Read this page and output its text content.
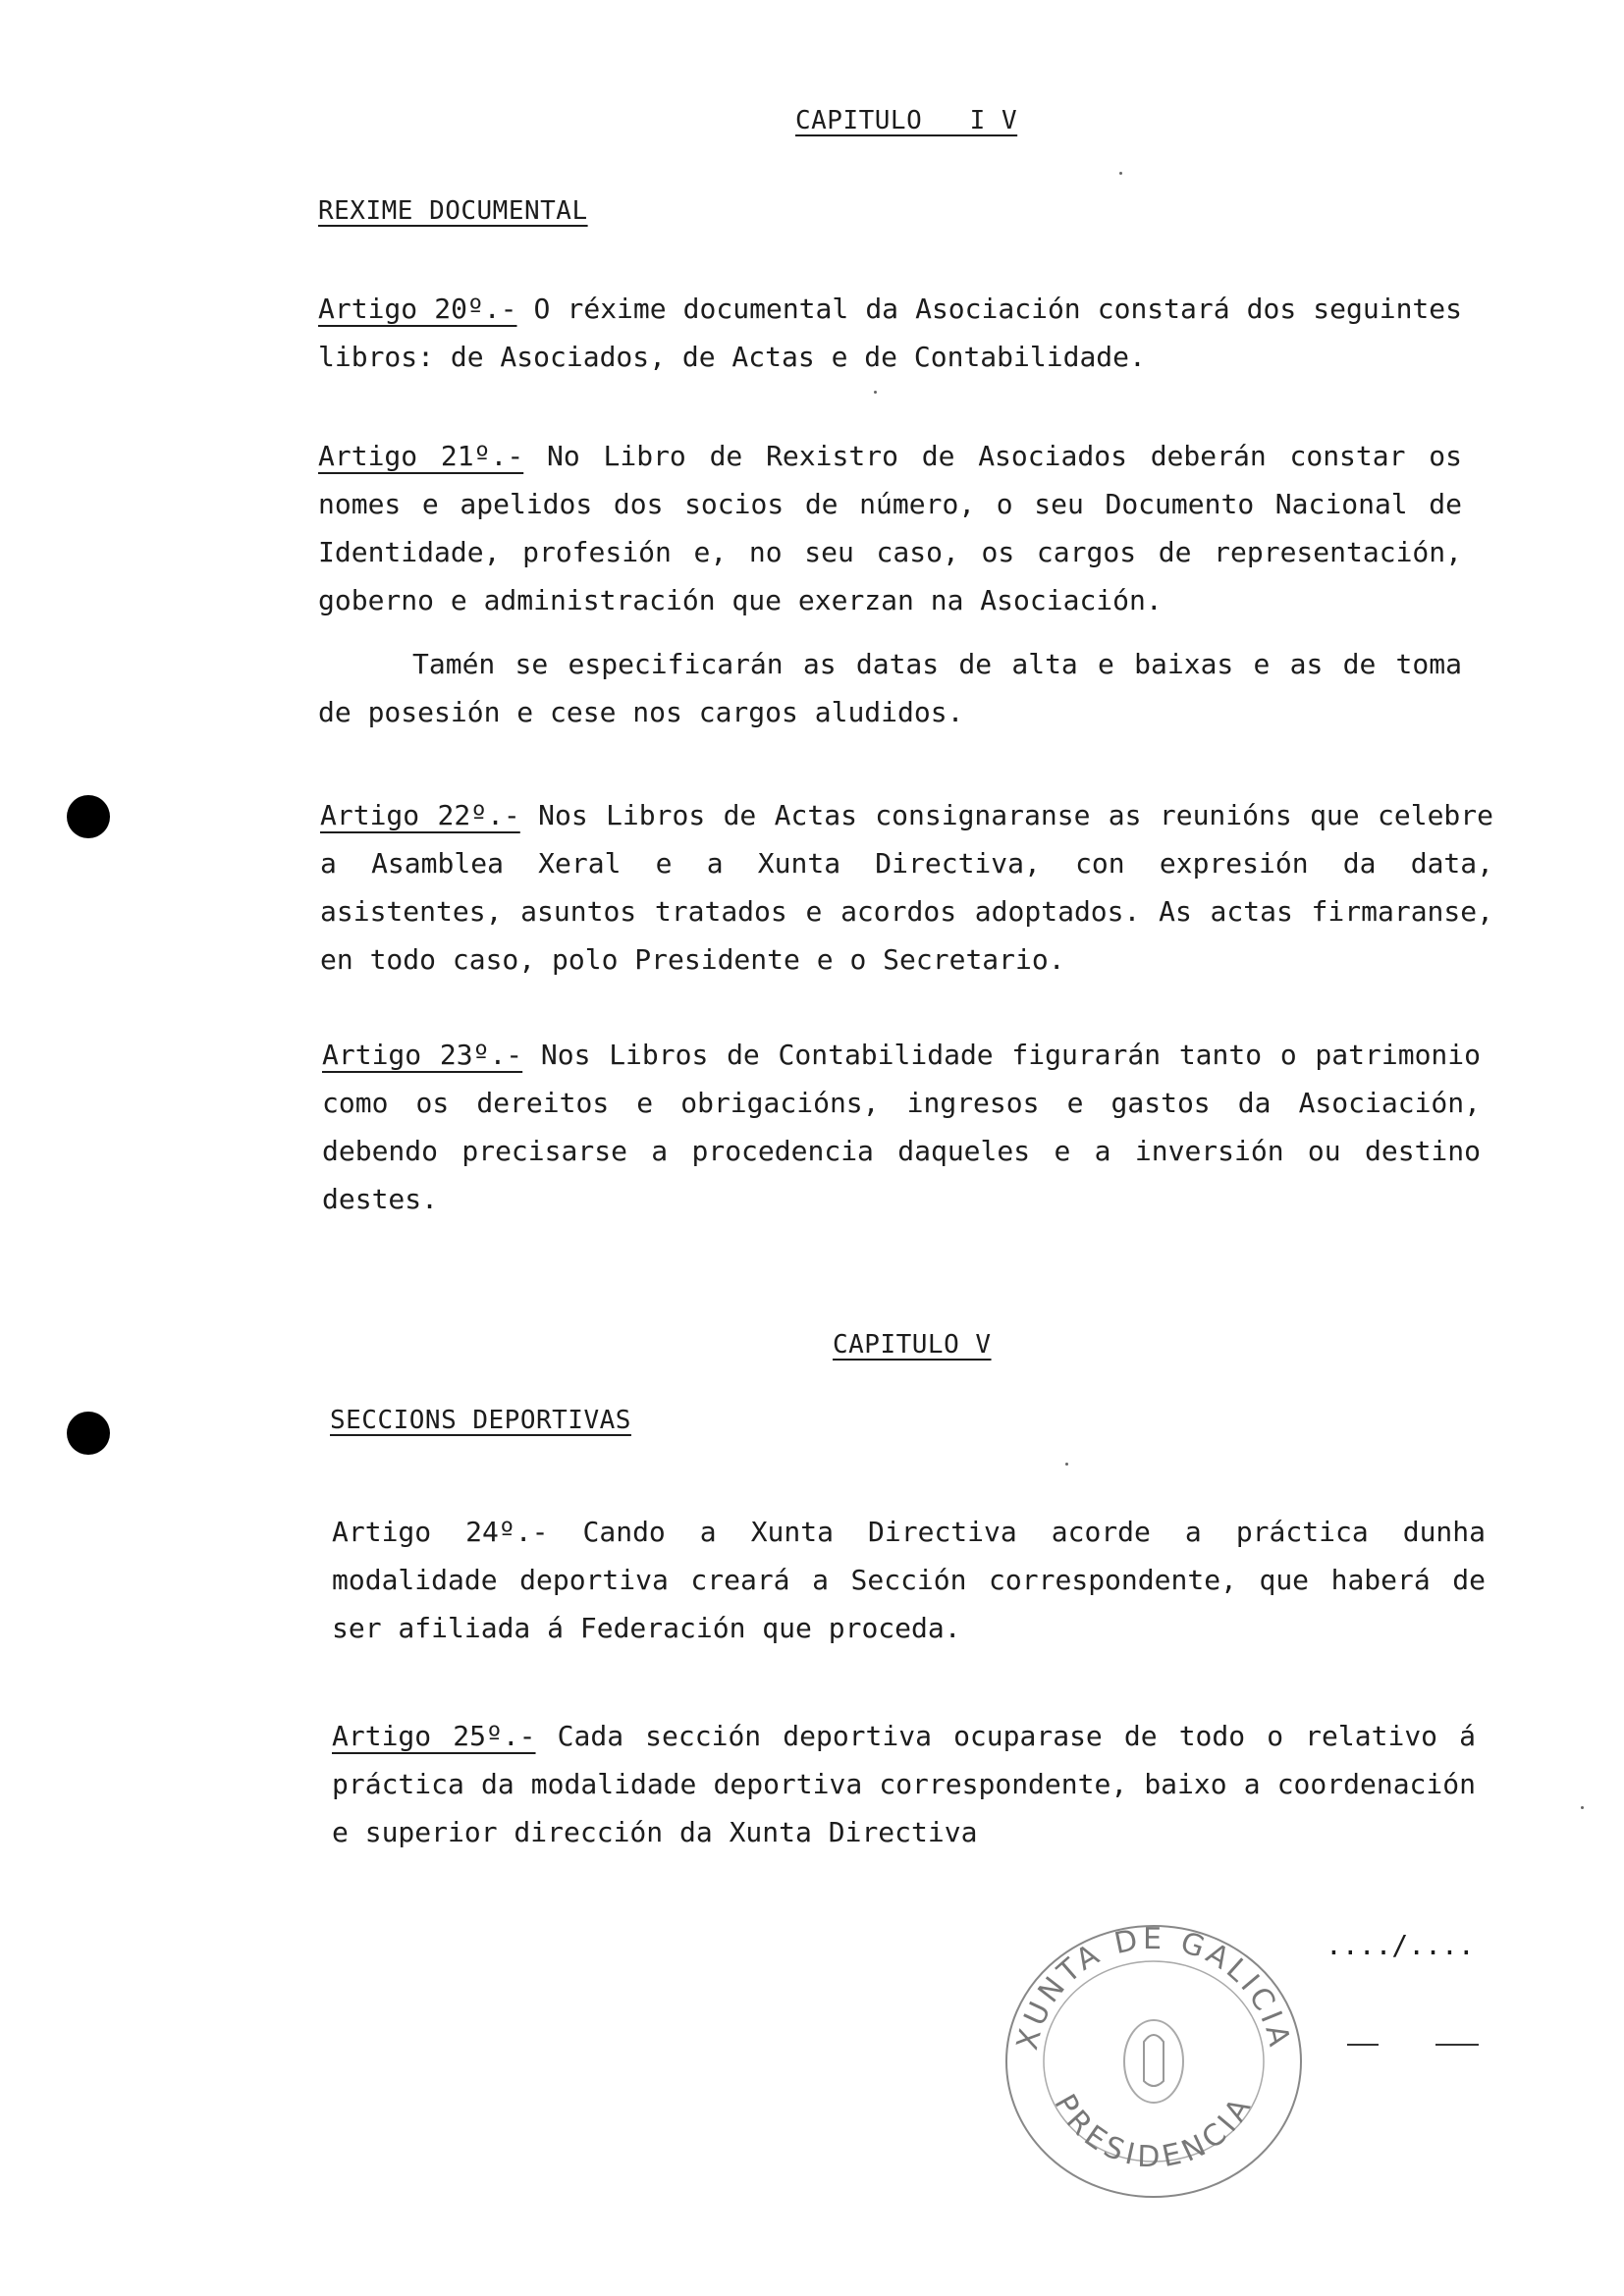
CAPITULO   I V
REXIME DOCUMENTAL

Artigo 20º.- O réxime documental da Asociación constará dos seguintes libros: de Asociados, de Actas e de Contabilidade.

Artigo 21º.- No Libro de Rexistro de Asociados deberán constar os nomes e apelidos dos socios de número, o seu Documento Nacional de Identidade, profesión e, no seu caso, os cargos de representación, goberno e administración que exerzan na Asociación.

Tamén se especificarán as datas de alta e baixas e as de toma de posesión e cese nos cargos aludidos.

Artigo 22º.- Nos Libros de Actas consignaranse as reunións que celebre a Asamblea Xeral e a Xunta Directiva, con expresión da data, asistentes, asuntos tratados e acordos adoptados. As actas firmaranse, en todo caso, polo Presidente e o Secretario.

Artigo 23º.- Nos Libros de Contabilidade figurarán tanto o patrimonio como os dereitos e obrigacións, ingresos e gastos da Asociación, debendo precisarse a procedencia daqueles e a inversión ou destino destes.

CAPITULO V
SECCIONS DEPORTIVAS

Artigo 24º.- Cando a Xunta Directiva acorde a práctica dunha modalidade deportiva creará a Sección correspondente, que haberá de ser afiliada á Federación que proceda.

Artigo 25º.- Cada sección deportiva ocuparase de todo o relativo á práctica da modalidade deportiva correspondente, baixo a coordenación e superior dirección da Xunta Directiva

..../....
XUNTA DE GALICIA
PRESIDENCIA
